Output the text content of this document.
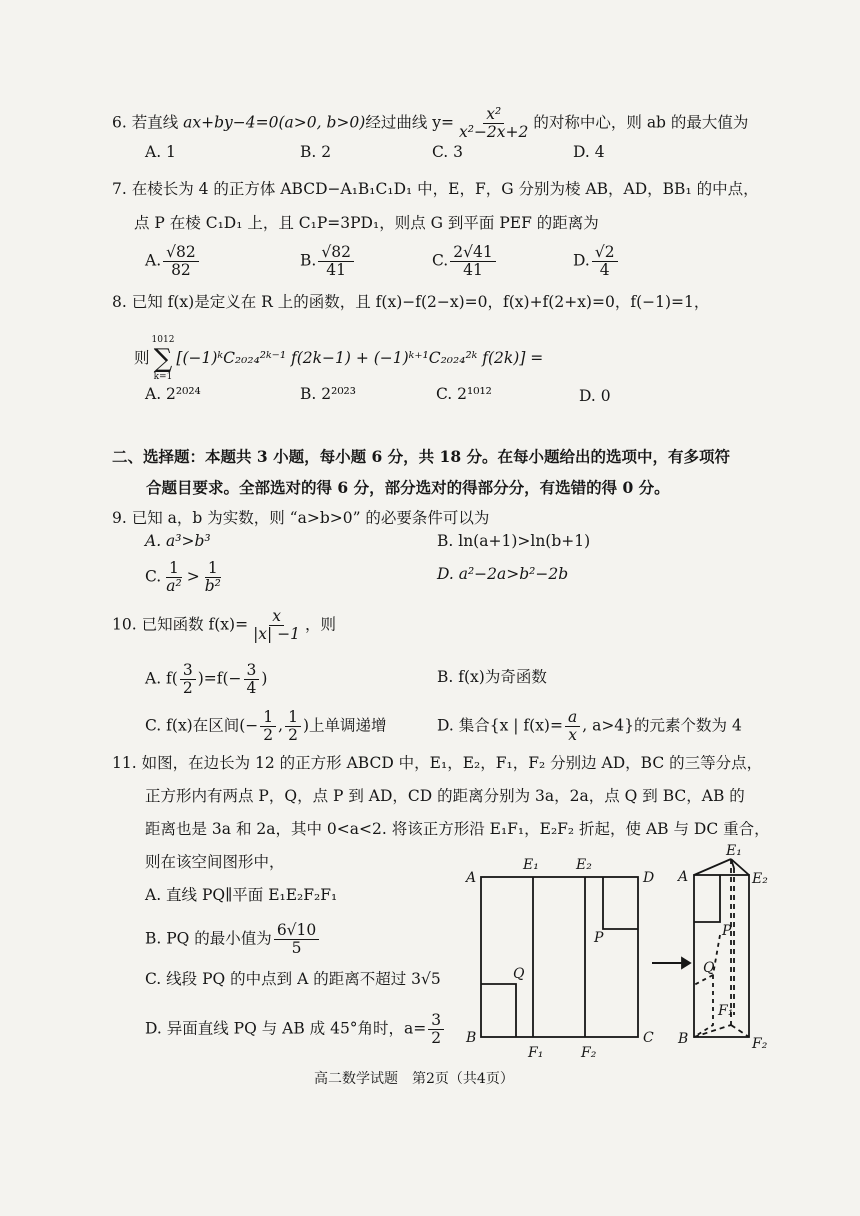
6. 若直线 ax+by−4=0(a>0, b>0)经过曲线 $y= \frac{\text{x²}}{\text{x²−2x+2}}$ 的对称中心，则 ab 的最大值为
A. 1	B. 2	C. 3	D. 4
7. 在棱长为 4 的正方体 ABCD−A₁B₁C₁D₁ 中，E，F，G 分别为棱 AB，AD，BB₁ 的中点，
点 P 在棱 C₁D₁ 上，且 C₁P=3PD₁，则点 G 到平面 PEF 的距离为
A. $\frac{√82}{82}$	B. $\frac{√82}{41}$	C. $\frac{2√41}{41}$	D. $\frac{√2}{4}$
8. 已知 f(x)是定义在 R 上的函数，且 f(x)−f(2−x)=0，f(x)+f(2+x)=0，f(−1)=1，
则
1012
∑
k=1
[(−1)ᵏC₂₀₂₄²ᵏ⁻¹ f(2k−1) + (−1)ᵏ⁺¹C₂₀₂₄²ᵏ f(2k)] =
A. 2²⁰²⁴	B. 2²⁰²³	C. 2¹⁰¹²	D. 0
二、选择题：本题共 3 小题，每小题 6 分，共 18 分。在每小题给出的选项中，有多项符
合题目要求。全部选对的得 6 分，部分选对的得部分分，有选错的得 0 分。
9. 已知 a，b 为实数，则 “a>b>0” 的必要条件可以为
A. a³>b³	B. ln(a+1)>ln(b+1)
C. $\frac{1}{\text{a²}} > \frac{1}{\text{b²}}$	D. a²−2a>b²−2b
10. 已知函数 $f(x)= \frac{x}{|x| -1}$ ，则
A. $f( \frac{3}{2} )=f(- \frac{3}{4}$ )	B. f(x)为奇函数
C. f(x)在区间(− $\frac{1}{2}$ , $\frac{1}{2}$ )上单调递增	D. 集合{x | $f(x)= \frac{a}{x}$ , a>4}的元素个数为 4
11. 如图，在边长为 12 的正方形 ABCD 中，E₁，E₂，F₁，F₂ 分别边 AD，BC 的三等分点，
正方形内有两点 P，Q，点 P 到 AD，CD 的距离分别为 3a，2a，点 Q 到 BC，AB 的
距离也是 3a 和 2a，其中 0<a<2. 将该正方形沿 E₁F₁，E₂F₂ 折起，使 AB 与 DC 重合，
则在该空间图形中，
A. 直线 PQ∥平面 E₁E₂F₂F₁
B. PQ 的最小值为 $\frac{6√10}{5}$
C. 线段 PQ 的中点到 A 的距离不超过 3√5
D. 异面直线 PQ 与 AB 成 45°角时，$a= \frac{3}{2}$
A	D
B	C
E₁	E₂
F₁	F₂
P
Q
A
B
E₁
E₂
F₁
F₂
P
Q
高二数学试题　第2页（共4页）
